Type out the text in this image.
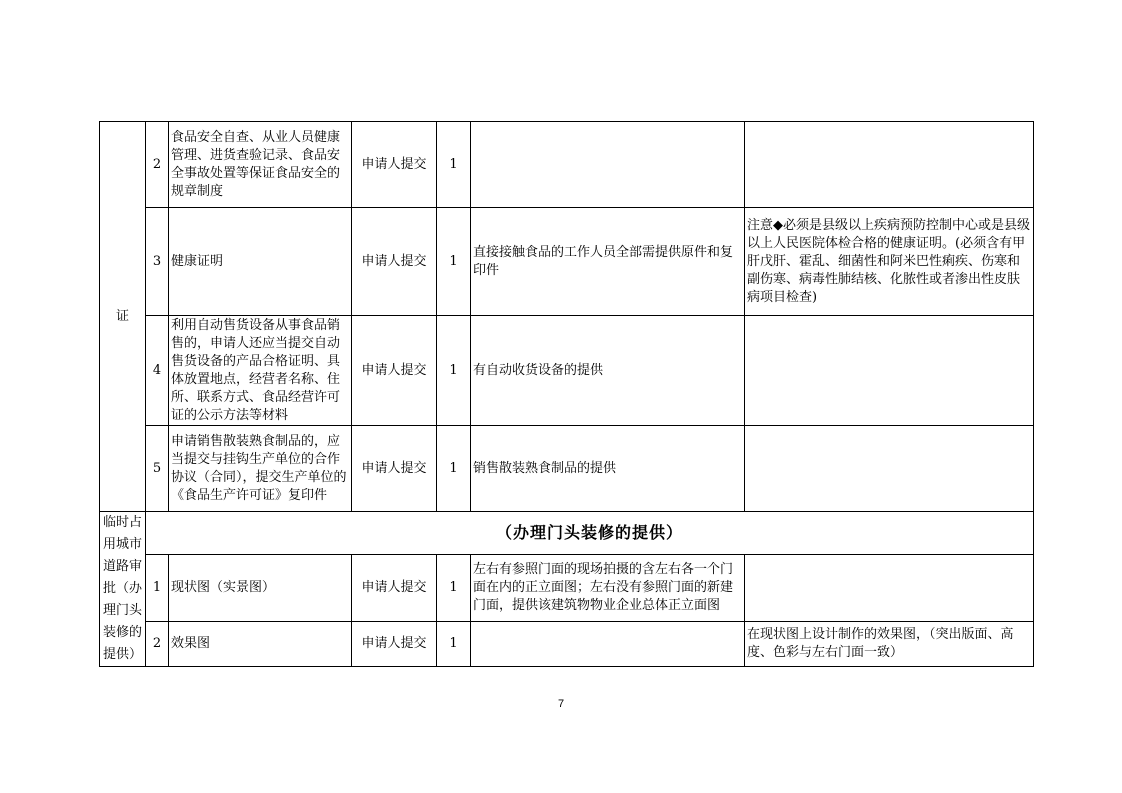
证	2	食品安全自查、从业人员健康管理、进货查验记录、食品安全事故处置等保证食品安全的规章制度	申请人提交	1		
	3	健康证明	申请人提交	1	直接接触食品的工作人员全部需提供原件和复印件	注意◆必须是县级以上疾病预防控制中心或是县级以上人民医院体检合格的健康证明。(必须含有甲肝戊肝、霍乱、细菌性和阿米巴性痢疾、伤寒和副伤寒、病毒性肺结核、化脓性或者渗出性皮肤病项目检查)
	4	利用自动售货设备从事食品销售的，申请人还应当提交自动售货设备的产品合格证明、具体放置地点，经营者名称、住所、联系方式、食品经营许可证的公示方法等材料	申请人提交	1	有自动收货设备的提供	
	5	申请销售散装熟食制品的，应当提交与挂钩生产单位的合作协议（合同），提交生产单位的《食品生产许可证》复印件	申请人提交	1	销售散装熟食制品的提供	
临时占用城市道路审批（办理门头装修的提供）	（办理门头装修的提供）					
	1	现状图（实景图）	申请人提交	1	左右有参照门面的现场拍摄的含左右各一个门面在内的正立面图；左右没有参照门面的新建门面，提供该建筑物物业企业总体正立面图	
	2	效果图	申请人提交	1		在现状图上设计制作的效果图，（突出版面、高度、色彩与左右门面一致）
7
